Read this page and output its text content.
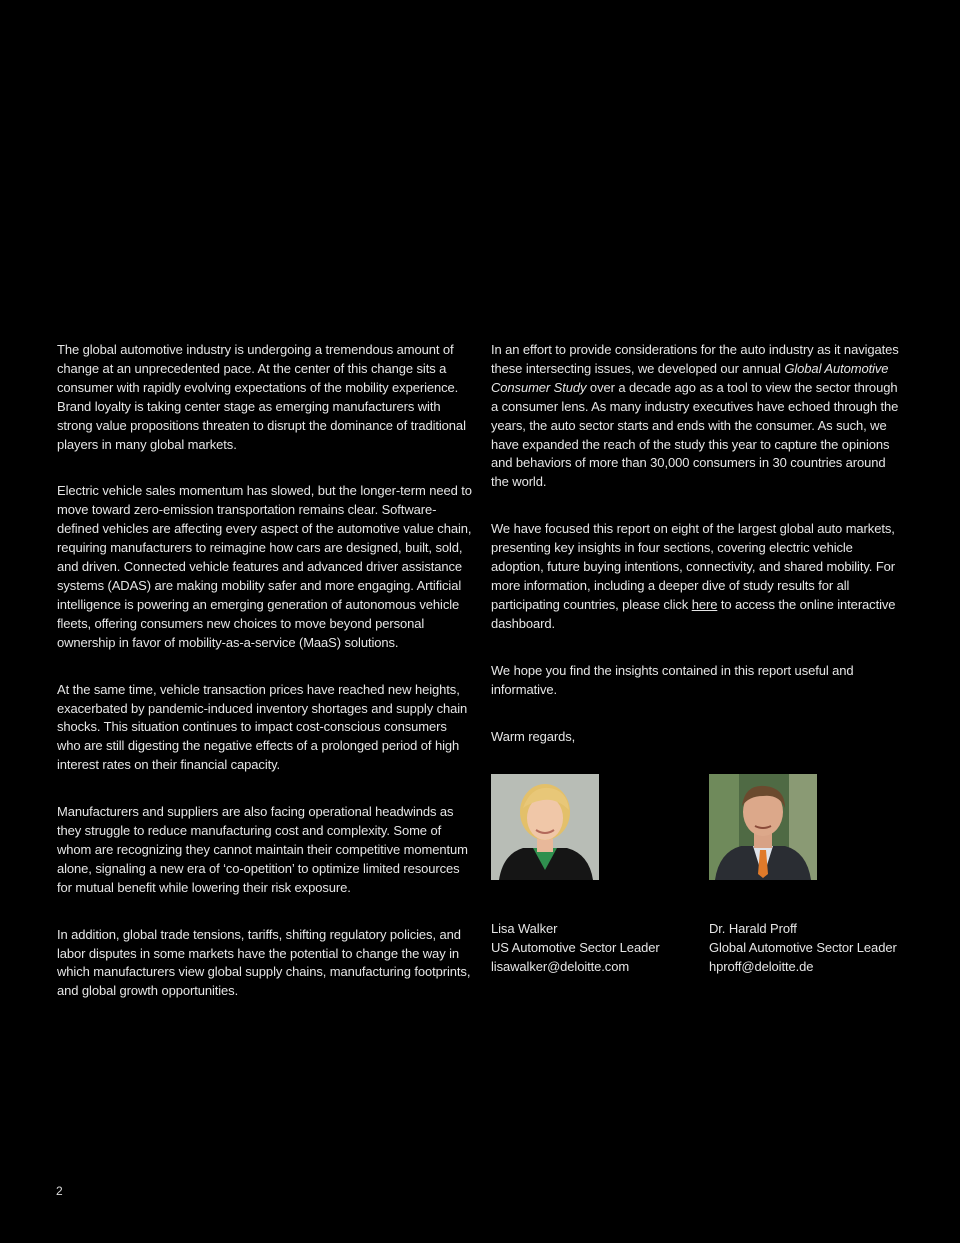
The global automotive industry is undergoing a tremendous amount of change at an unprecedented pace. At the center of this change sits a consumer with rapidly evolving expectations of the mobility experience. Brand loyalty is taking center stage as emerging manufacturers with strong value propositions threaten to disrupt the dominance of traditional players in many global markets.

Electric vehicle sales momentum has slowed, but the longer-term need to move toward zero-emission transportation remains clear. Software-defined vehicles are affecting every aspect of the automotive value chain, requiring manufacturers to reimagine how cars are designed, built, sold, and driven. Connected vehicle features and advanced driver assistance systems (ADAS) are making mobility safer and more engaging. Artificial intelligence is powering an emerging generation of autonomous vehicle fleets, offering consumers new choices to move beyond personal ownership in favor of mobility-as-a-service (MaaS) solutions.

At the same time, vehicle transaction prices have reached new heights, exacerbated by pandemic-induced inventory shortages and supply chain shocks. This situation continues to impact cost-conscious consumers who are still digesting the negative effects of a prolonged period of high interest rates on their financial capacity.

Manufacturers and suppliers are also facing operational headwinds as they struggle to reduce manufacturing cost and complexity. Some of whom are recognizing they cannot maintain their competitive momentum alone, signaling a new era of ‘co-opetition’ to optimize limited resources for mutual benefit while lowering their risk exposure.

In addition, global trade tensions, tariffs, shifting regulatory policies, and labor disputes in some markets have the potential to change the way in which manufacturers view global supply chains, manufacturing footprints, and global growth opportunities.

In an effort to provide considerations for the auto industry as it navigates these intersecting issues, we developed our annual Global Automotive Consumer Study over a decade ago as a tool to view the sector through a consumer lens. As many industry executives have echoed through the years, the auto sector starts and ends with the consumer. As such, we have expanded the reach of the study this year to capture the opinions and behaviors of more than 30,000 consumers in 30 countries around the world.

We have focused this report on eight of the largest global auto markets, presenting key insights in four sections, covering electric vehicle adoption, future buying intentions, connectivity, and shared mobility. For more information, including a deeper dive of study results for all participating countries, please click here to access the online interactive dashboard.

We hope you find the insights contained in this report useful and informative.

Warm regards,

Lisa Walker
US Automotive Sector Leader
lisawalker@deloitte.com
Dr. Harald Proff
Global Automotive Sector Leader
hproff@deloitte.de
2
